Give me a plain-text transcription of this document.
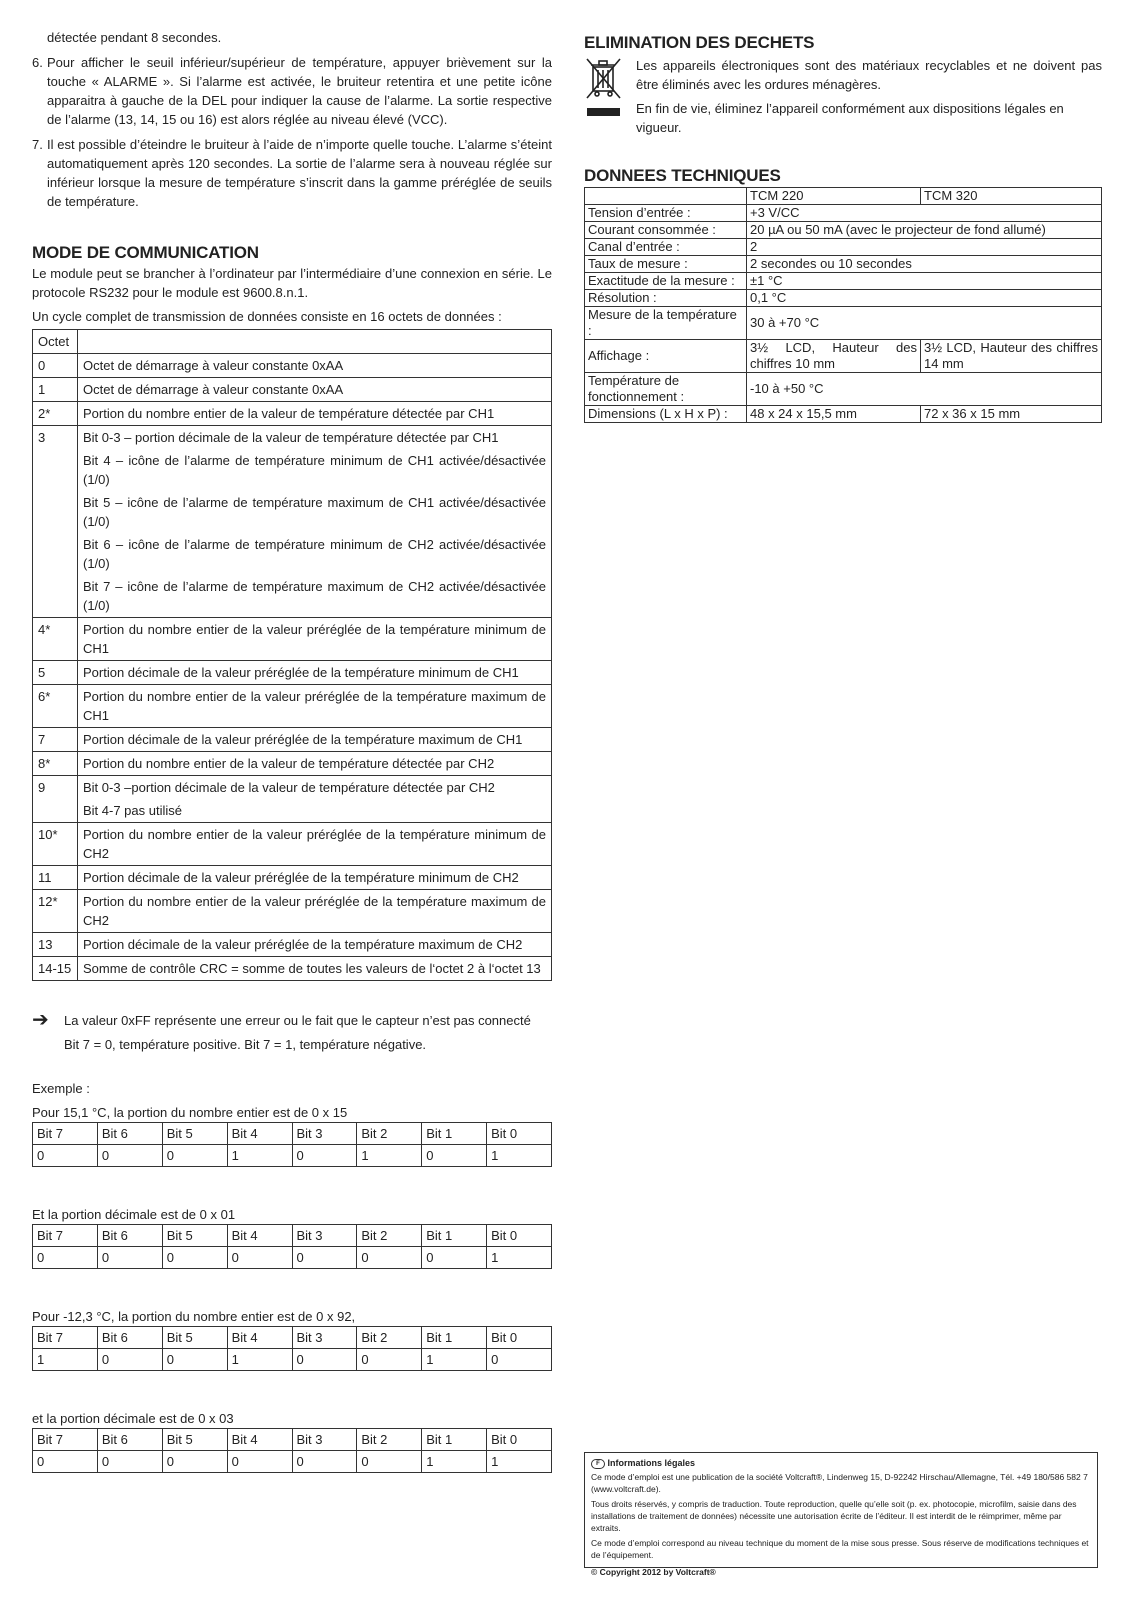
détectée pendant 8 secondes.

6. Pour afficher le seuil inférieur/supérieur de température, appuyer brièvement sur la touche « ALARME ». Si l’alarme est activée, le bruiteur retentira et une petite icône apparaitra à gauche de la DEL pour indiquer la cause de l’alarme. La sortie respective de l’alarme (13, 14, 15 ou 16) est alors réglée au niveau élevé (VCC).
7. Il est possible d’éteindre le bruiteur à l’aide de n’importe quelle touche. L’alarme s’éteint automatiquement après 120 secondes. La sortie de l’alarme sera à nouveau réglée sur inférieur lorsque la mesure de température s’inscrit dans la gamme préréglée de seuils de température.
MODE DE COMMUNICATION

Le module peut se brancher à l’ordinateur par l’intermédiaire d’une connexion en série. Le protocole RS232 pour le module est 9600.8.n.1.

Un cycle complet de transmission de données consiste en 16 octets de données :

Octet	
0	Octet de démarrage à valeur constante 0xAA

1	Octet de démarrage à valeur constante 0xAA

2*	Portion du nombre entier de la valeur de température détectée par CH1

3	Bit 0-3 – portion décimale de la valeur de température détectée par CH1
Bit 4 – icône de l’alarme de température minimum de CH1 activée/désactivée (1/0)
Bit 5 – icône de l’alarme de température maximum de CH1 activée/désactivée (1/0)
Bit 6 – icône de l’alarme de température minimum de CH2 activée/désactivée (1/0)
Bit 7 – icône de l’alarme de température maximum de CH2 activée/désactivée (1/0)

4*	Portion du nombre entier de la valeur préréglée de la température minimum de CH1

5	Portion décimale de la valeur préréglée de la température minimum de CH1

6*	Portion du nombre entier de la valeur préréglée de la température maximum de CH1

7	Portion décimale de la valeur préréglée de la température maximum de CH1

8*	Portion du nombre entier de la valeur de température détectée par CH2

9	Bit 0-3 –portion décimale de la valeur de température détectée par CH2
Bit 4-7 pas utilisé

10*	Portion du nombre entier de la valeur préréglée de la température minimum de CH2

11	Portion décimale de la valeur préréglée de la température minimum de CH2

12*	Portion du nombre entier de la valeur préréglée de la température maximum de CH2

13	Portion décimale de la valeur préréglée de la température maximum de CH2

14-15	Somme de contrôle CRC = somme de toutes les valeurs de l‘octet 2 à l‘octet 13
➔	La valeur 0xFF représente une erreur ou le fait que le capteur n’est pas connecté
Bit 7 = 0, température positive. Bit 7 = 1, température négative.

Exemple :

Pour 15,1 °C, la portion du nombre entier est de 0 x 15

Bit 7	Bit 6	Bit 5	Bit 4	Bit 3	Bit 2	Bit 1	Bit 0
0	0	0	1	0	1	0	1

Et la portion décimale est de 0 x 01

Bit 7	Bit 6	Bit 5	Bit 4	Bit 3	Bit 2	Bit 1	Bit 0
0	0	0	0	0	0	0	1

Pour -12,3 °C, la portion du nombre entier est de 0 x 92,

Bit 7	Bit 6	Bit 5	Bit 4	Bit 3	Bit 2	Bit 1	Bit 0
1	0	0	1	0	0	1	0

et la portion décimale est de 0 x 03

Bit 7	Bit 6	Bit 5	Bit 4	Bit 3	Bit 2	Bit 1	Bit 0
0	0	0	0	0	0	1	1
ELIMINATION DES DECHETS

Les appareils électroniques sont des matériaux recyclables et ne doivent pas être éliminés avec les ordures ménagères.

En fin de vie, éliminez l’appareil conformément aux dispositions légales en vigueur.

DONNEES TECHNIQUES
	TCM 220	TCM 320
Tension d’entrée :	+3 V/CC	
Courant consommée :	20 µA ou 50 mA (avec le projecteur de fond allumé)	
Canal d’entrée :	2	
Taux de mesure :	2 secondes ou 10 secondes	
Exactitude de la mesure :	±1 °C	
Résolution :	0,1 °C	
Mesure de la température :	30 à +70 °C	
Affichage :	3½ LCD, Hauteur des chiffres 10 mm	3½ LCD, Hauteur des chiffres 14 mm
Température de fonctionnement :	-10 à +50 °C	
Dimensions (L x H x P) :	48 x 24 x 15,5 mm	72 x 36 x 15 mm
F Informations légales

Ce mode d’emploi est une publication de la société Voltcraft®, Lindenweg 15, D-92242 Hirschau/Allemagne, Tél. +49 180/586 582 7 (www.voltcraft.de).

Tous droits réservés, y compris de traduction. Toute reproduction, quelle qu’elle soit (p. ex. photocopie, microfilm, saisie dans des installations de traitement de données) nécessite une autorisation écrite de l’éditeur. Il est interdit de le réimprimer, même par extraits.

Ce mode d’emploi correspond au niveau technique du moment de la mise sous presse. Sous réserve de modifications techniques et de l’équipement.

© Copyright 2012 by Voltcraft®
